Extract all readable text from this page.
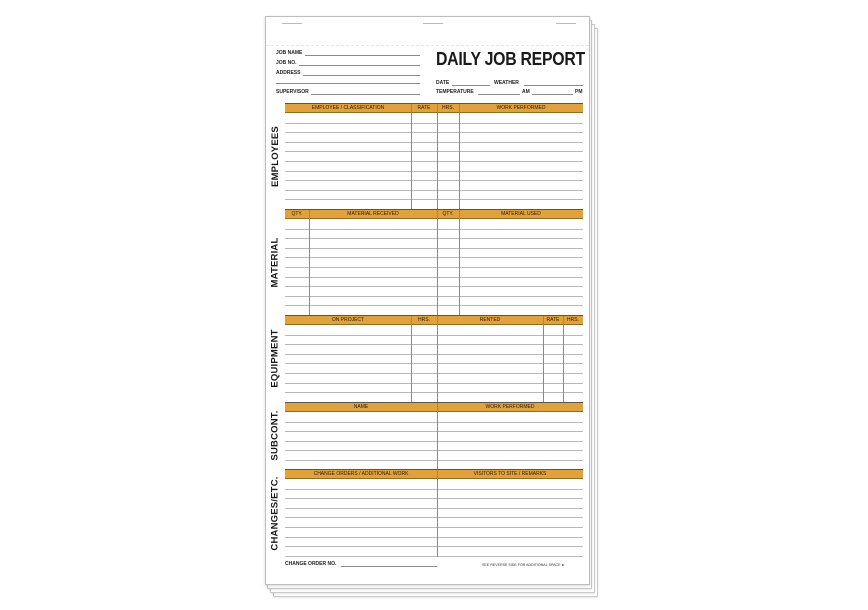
JOB NAME
JOB NO.
ADDRESS
SUPERVISOR
DAILY JOB REPORT
DATE	WEATHER
TEMPERATURE	AM	PM
EMPLOYEES
EMPLOYEE / CLASSIFICATION	RATE	HRS.	WORK PERFORMED
MATERIAL
QTY.	MATERIAL RECEIVED	QTY.	MATERIAL USED
EQUIPMENT
ON PROJECT	HRS.	RENTED	RATE	HRS.
SUBCONT.
NAME	WORK PERFORMED
CHANGES/ETC.
CHANGE ORDERS / ADDITIONAL WORK	VISITORS TO SITE / REMARKS
CHANGE ORDER NO.	SEE REVERSE SIDE FOR ADDITIONAL SPACE ►
